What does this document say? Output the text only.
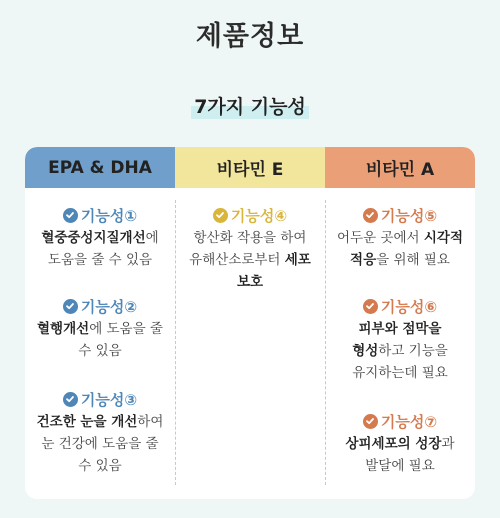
제품정보
7가지 기능성
EPA & DHA	비타민 E	비타민 A
기능성①
혈중중성지질개선에
도움을 줄 수 있음
기능성②
혈행개선에 도움을 줄
수 있음
기능성③
건조한 눈을 개선하여
눈 건강에 도움을 줄
수 있음
기능성④
항산화 작용을 하여
유해산소로부터 세포
보호
기능성⑤
어두운 곳에서 시각적
적응을 위해 필요
기능성⑥
피부와 점막을
형성하고 기능을
유지하는데 필요
기능성⑦
상피세포의 성장과
발달에 필요
